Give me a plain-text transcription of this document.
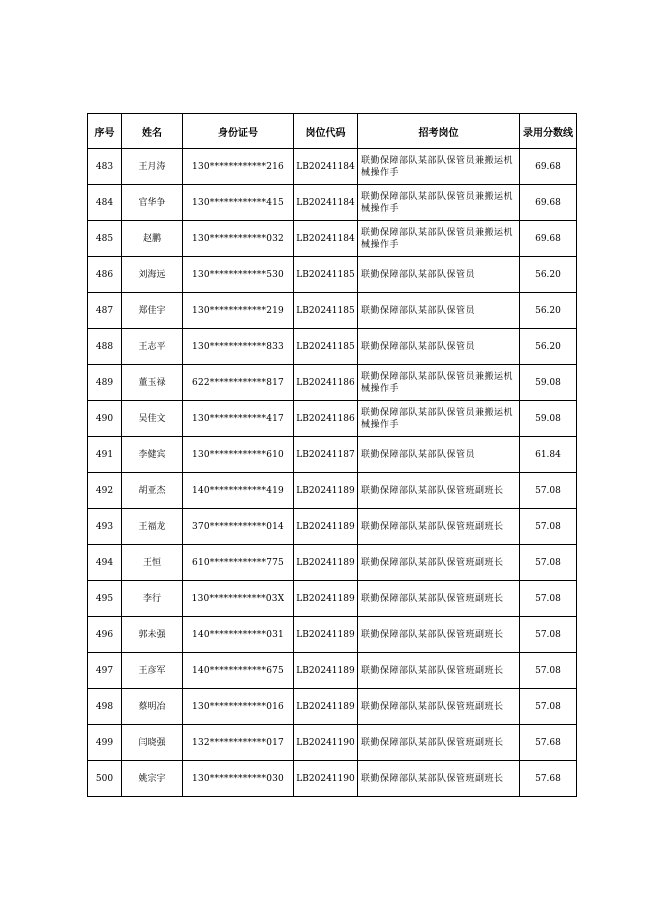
序号	姓名	身份证号	岗位代码	招考岗位	录用分数线
483	王月涛	130************216	LB20241184	联勤保障部队某部队保管员兼搬运机械操作手	69.68
484	官华争	130************415	LB20241184	联勤保障部队某部队保管员兼搬运机械操作手	69.68
485	赵鹏	130************032	LB20241184	联勤保障部队某部队保管员兼搬运机械操作手	69.68
486	刘海远	130************530	LB20241185	联勤保障部队某部队保管员	56.20
487	郑佳宇	130************219	LB20241185	联勤保障部队某部队保管员	56.20
488	王志平	130************833	LB20241185	联勤保障部队某部队保管员	56.20
489	董玉禄	622************817	LB20241186	联勤保障部队某部队保管员兼搬运机械操作手	59.08
490	吴佳文	130************417	LB20241186	联勤保障部队某部队保管员兼搬运机械操作手	59.08
491	李健宾	130************610	LB20241187	联勤保障部队某部队保管员	61.84
492	胡亚杰	140************419	LB20241189	联勤保障部队某部队保管班副班长	57.08
493	王福龙	370************014	LB20241189	联勤保障部队某部队保管班副班长	57.08
494	王恒	610************775	LB20241189	联勤保障部队某部队保管班副班长	57.08
495	李行	130************03X	LB20241189	联勤保障部队某部队保管班副班长	57.08
496	郭未强	140************031	LB20241189	联勤保障部队某部队保管班副班长	57.08
497	王彦军	140************675	LB20241189	联勤保障部队某部队保管班副班长	57.08
498	蔡明冶	130************016	LB20241189	联勤保障部队某部队保管班副班长	57.08
499	闫晓强	132************017	LB20241190	联勤保障部队某部队保管班副班长	57.68
500	姚宗宇	130************030	LB20241190	联勤保障部队某部队保管班副班长	57.68
